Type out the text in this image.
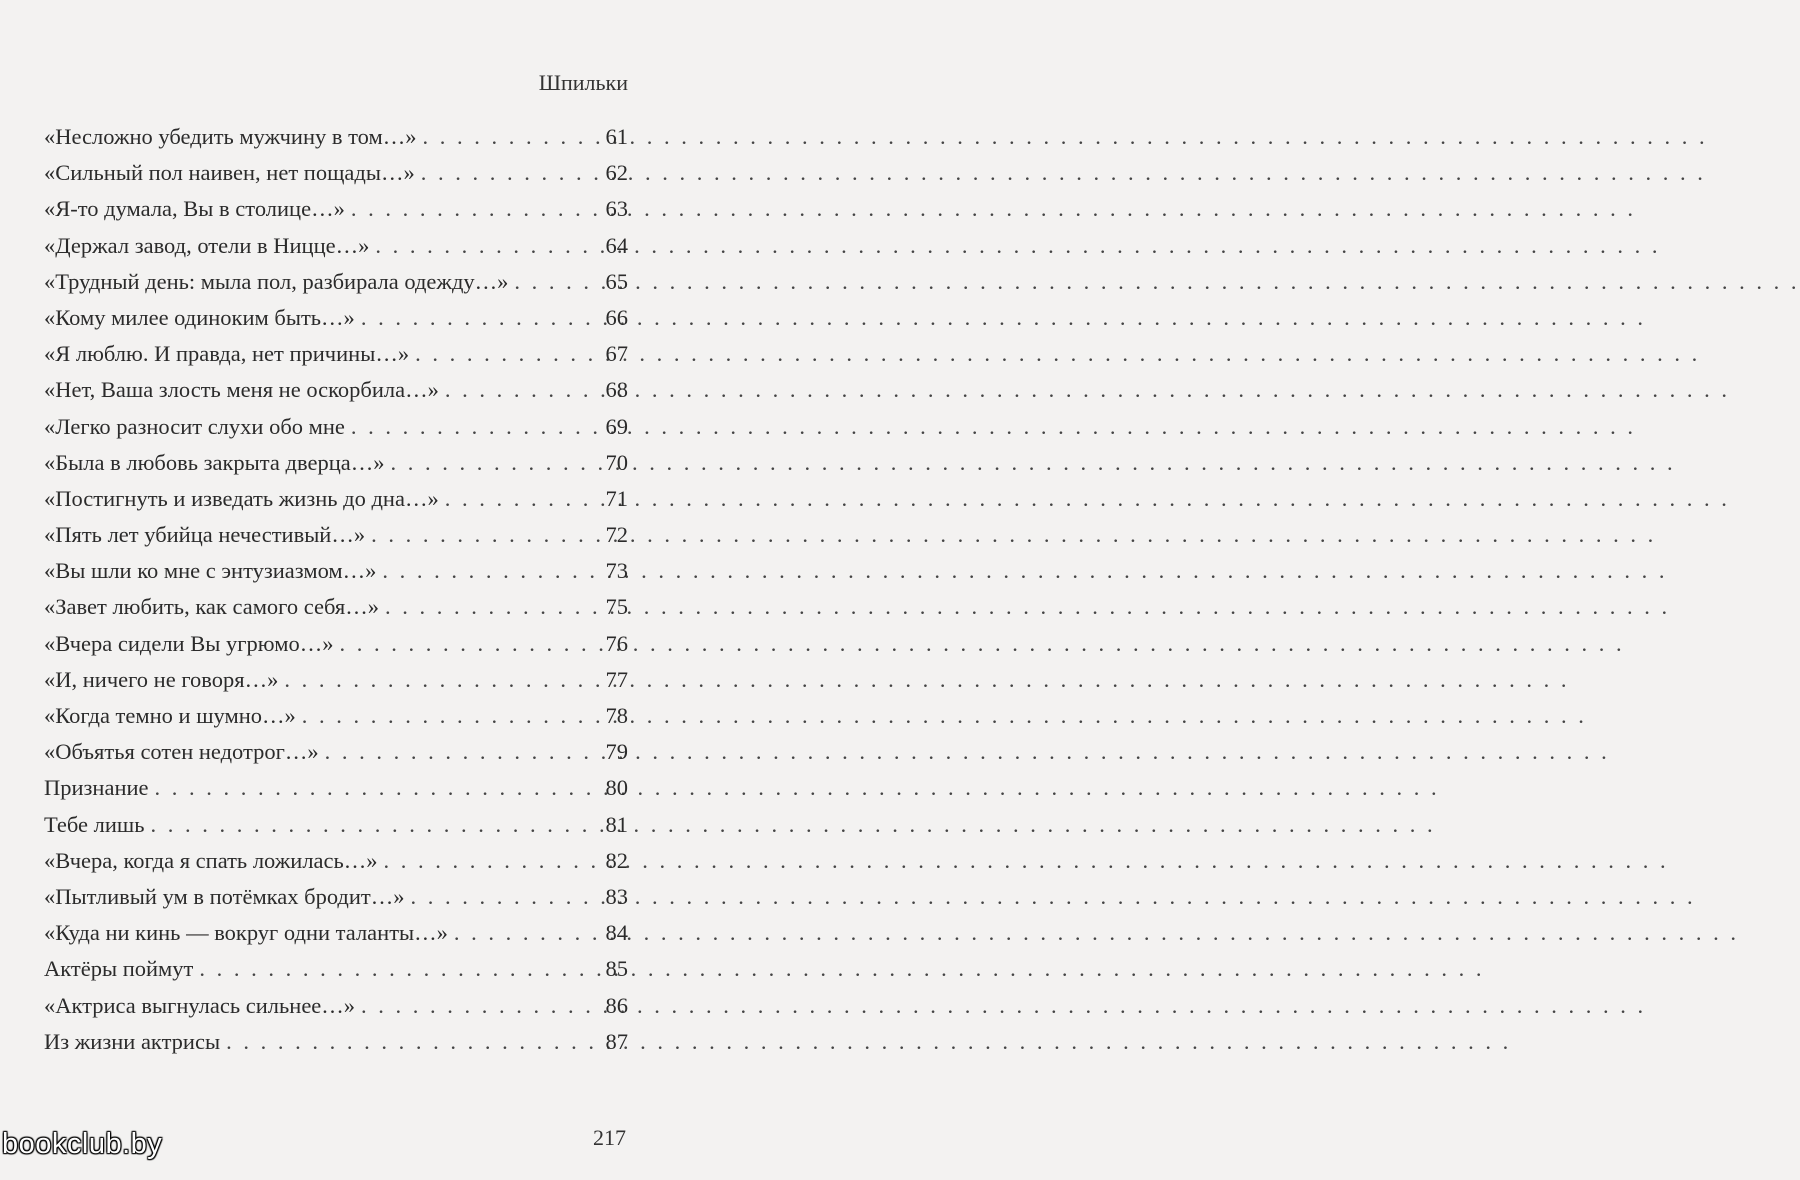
Шпильки
«Несложно убедить мужчину в том…» . . .	61
«Сильный пол наивен, нет пощады…» . . .	62
«Я-то думала, Вы в столице…» . . .	63
«Держал завод, отели в Ницце…» . . .	64
«Трудный день: мыла пол, разбирала одежду…» . . .	65
«Кому милее одиноким быть…» . . .	66
«Я люблю. И правда, нет причины…» . . .	67
«Нет, Ваша злость меня не оскорбила…» . . .	68
«Легко разносит слухи обо мне . . .	69
«Была в любовь закрыта дверца…» . . .	70
«Постигнуть и изведать жизнь до дна…» . . .	71
«Пять лет убийца нечестивый…» . . .	72
«Вы шли ко мне с энтузиазмом…» . . .	73
«Завет любить, как самого себя…» . . .	75
«Вчера сидели Вы угрюмо…» . . .	76
«И, ничего не говоря…» . . .	77
«Когда темно и шумно…» . . .	78
«Объятья сотен недотрог…» . . .	79
Признание . . .	80
Тебе лишь . . .	81
«Вчера, когда я спать ложилась…» . . .	82
«Пытливый ум в потёмках бродит…» . . .	83
«Куда ни кинь — вокруг одни таланты…» . . .	84
Актёры поймут . . .	85
«Актриса выгнулась сильнее…» . . .	86
Из жизни актрисы . . .	87
217
bookclub.by
